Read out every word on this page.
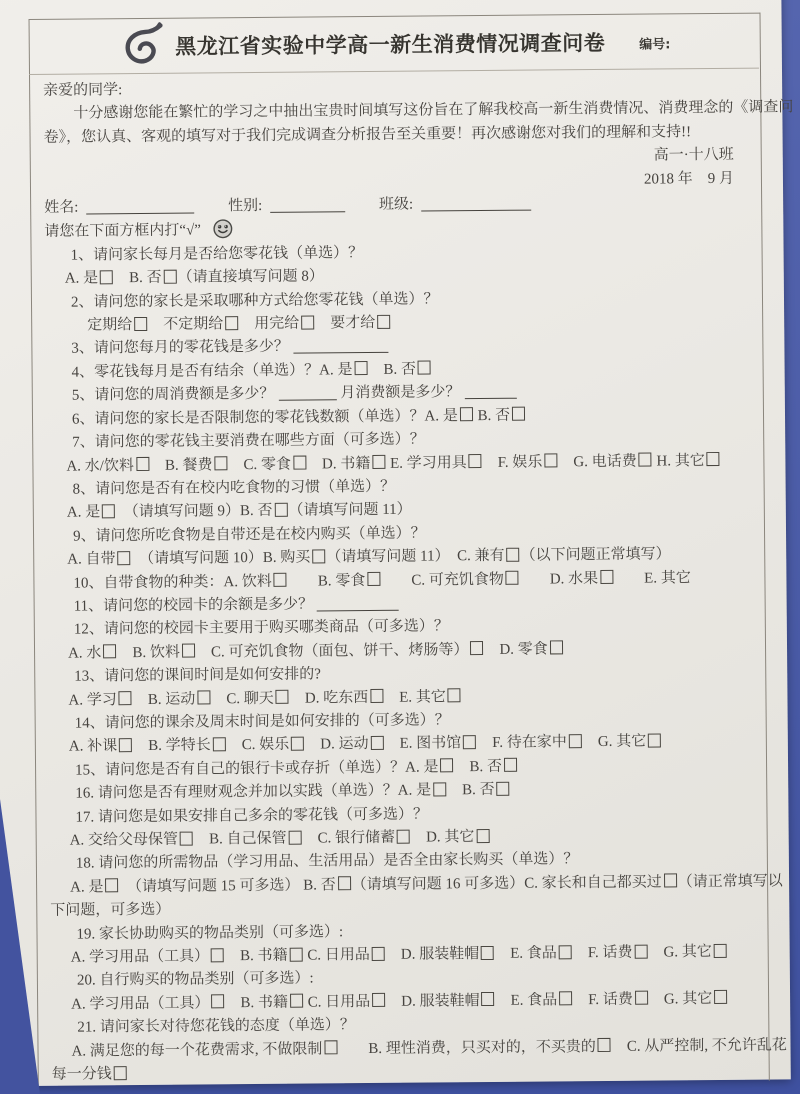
黑龙江省实验中学高一新生消费情况调查问卷	编号:
亲爱的同学:
十分感谢您能在繁忙的学习之中抽出宝贵时间填写这份旨在了解我校高一新生消费情况、消费理念的《调查问
卷》，您认真、客观的填写对于我们完成调查分析报告至关重要！再次感谢您对我们的理解和支持!!
高一·十八班
2018 年　9 月
姓名:	　　性别:	　　班级:
请您在下面方框内打“√”
1、请问家长每月是否给您零花钱（单选）？
A. 是　B. 否 （请直接填写问题 8）
2、请问您的家长是采取哪种方式给您零花钱（单选）？
定期给　不定期给　用完给　要才给
3、请问您每月的零花钱是多少？
4、零花钱每月是否有结余（单选）？A. 是　B. 否
5、请问您的周消费额是多少？	月消费额是多少？
6、请问您的家长是否限制您的零花钱数额（单选）？A. 是 B. 否
7、请问您的零花钱主要消费在哪些方面（可多选）？
A. 水/饮料　B. 餐费　C. 零食　D. 书籍 E. 学习用具　F. 娱乐　G. 电话费 H. 其它
8、请问您是否有在校内吃食物的习惯（单选）？
A. 是　（请填写问题 9）B. 否 （请填写问题 11）
9、请问您所吃食物是自带还是在校内购买（单选）？
A. 自带　（请填写问题 10）B. 购买 （请填写问题 11）　C. 兼有 （以下问题正常填写）
10、自带食物的种类：A. 饮料　　B. 零食　　C. 可充饥食物　　D. 水果　　E. 其它
11、请问您的校园卡的余额是多少？
12、请问您的校园卡主要用于购买哪类商品（可多选）？
A. 水　B. 饮料　C. 可充饥食物（面包、饼干、烤肠等）　D. 零食
13、请问您的课间时间是如何安排的?
A. 学习　B. 运动　C. 聊天　D. 吃东西　E. 其它
14、请问您的课余及周末时间是如何安排的（可多选）？
A. 补课　B. 学特长　C. 娱乐　D. 运动　E. 图书馆　F. 待在家中　G. 其它
15、请问您是否有自己的银行卡或存折（单选）？A. 是　B. 否
16. 请问您是否有理财观念并加以实践（单选）？A. 是　B. 否
17. 请问您是如果安排自己多余的零花钱（可多选）？
A. 交给父母保管　B. 自己保管　C. 银行储蓄　D. 其它
18. 请问您的所需物品（学习用品、生活用品）是否全由家长购买（单选）？
A. 是　（请填写问题 15 可多选） B. 否 （请填写问题 16 可多选）C. 家长和自己都买过 （请正常填写以
下问题，可多选）
19. 家长协助购买的物品类别（可多选）:
A. 学习用品（工具）　B. 书籍 C. 日用品　D. 服装鞋帽　E. 食品　F. 话费　G. 其它
20. 自行购买的物品类别（可多选）:
A. 学习用品（工具）　B. 书籍 C. 日用品　D. 服装鞋帽　E. 食品　F. 话费　G. 其它
21. 请问家长对待您花钱的态度（单选）？
A. 满足您的每一个花费需求, 不做限制　　B. 理性消费，只买对的，不买贵的　C. 从严控制, 不允许乱花
每一分钱
